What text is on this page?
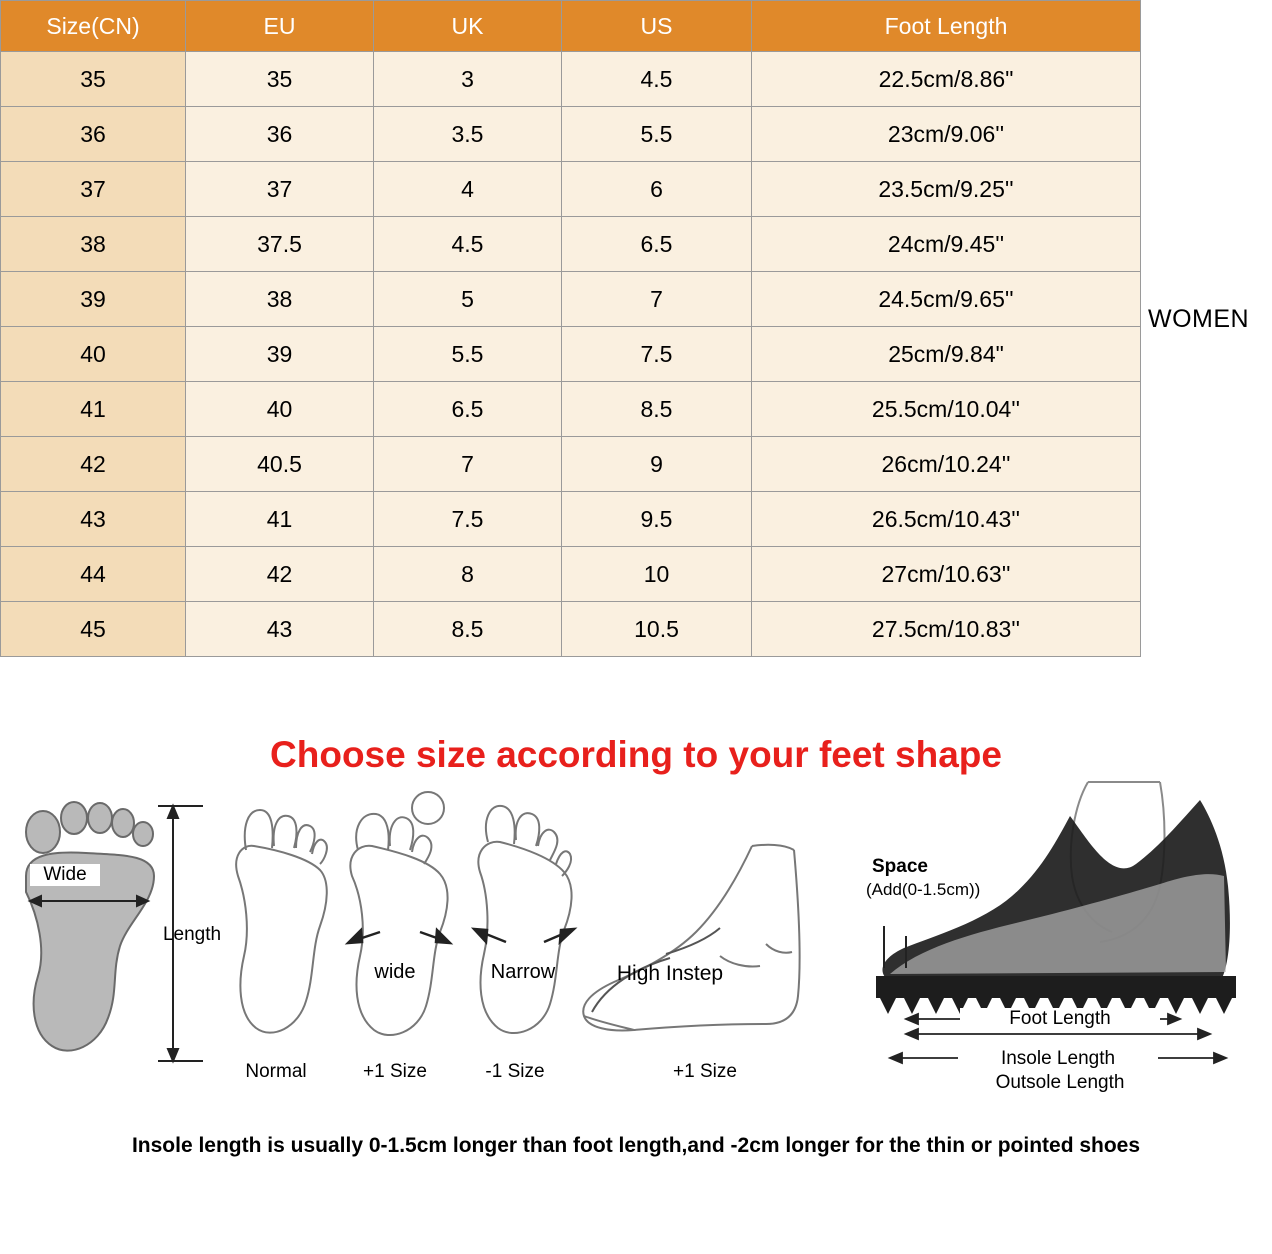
Size(CN)	EU	UK	US	Foot Length
35	35	3	4.5	22.5cm/8.86"
36	36	3.5	5.5	23cm/9.06''
37	37	4	6	23.5cm/9.25''
38	37.5	4.5	6.5	24cm/9.45''
39	38	5	7	24.5cm/9.65''
40	39	5.5	7.5	25cm/9.84"
41	40	6.5	8.5	25.5cm/10.04''
42	40.5	7	9	26cm/10.24''
43	41	7.5	9.5	26.5cm/10.43''
44	42	8	10	27cm/10.63''
45	43	8.5	10.5	27.5cm/10.83''
WOMEN
Choose size according to your feet shape
Wide
Length
Normal
wide
+1 Size
Narrow
-1 Size
High Instep
+1 Size
Space
(Add(0-1.5cm))
Foot Length
Insole Length
Outsole Length
Insole length is usually 0-1.5cm longer than foot length,and -2cm longer for the thin or pointed shoes
